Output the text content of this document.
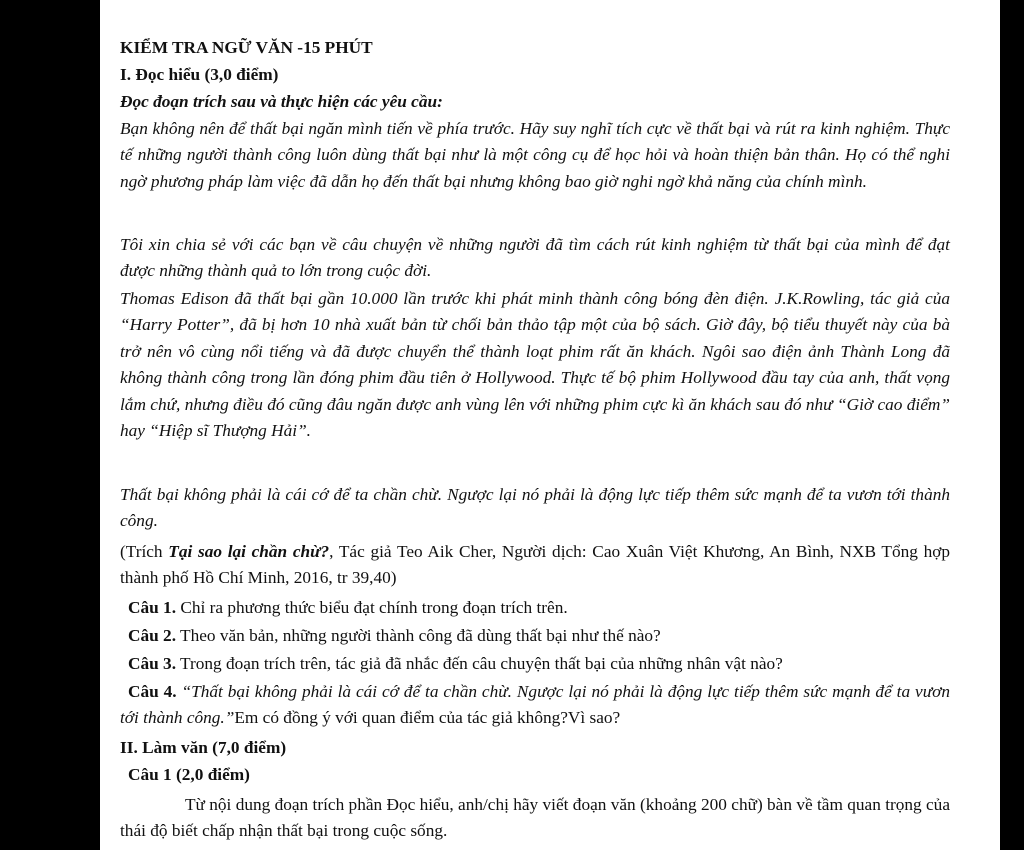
KIỂM TRA NGỮ VĂN -15 PHÚT
I. Đọc hiểu (3,0 điểm)
Đọc đoạn trích sau và thực hiện các yêu cầu:
Bạn không nên để thất bại ngăn mình tiến về phía trước. Hãy suy nghĩ tích cực về thất bại và rút ra kinh nghiệm. Thực tế những người thành công luôn dùng thất bại như là một công cụ để học hỏi và hoàn thiện bản thân. Họ có thể nghi ngờ phương pháp làm việc đã dẫn họ đến thất bại nhưng không bao giờ nghi ngờ khả năng của chính mình.
Tôi xin chia sẻ với các bạn về câu chuyện về những người đã tìm cách rút kinh nghiệm từ thất bại của mình để đạt được những thành quả to lớn trong cuộc đời.
Thomas Edison đã thất bại gần 10.000 lần trước khi phát minh thành công bóng đèn điện. J.K.Rowling, tác giả của “Harry Potter”, đã bị hơn 10 nhà xuất bản từ chối bản thảo tập một của bộ sách. Giờ đây, bộ tiểu thuyết này của bà trở nên vô cùng nổi tiếng và đã được chuyển thể thành loạt phim rất ăn khách. Ngôi sao điện ảnh Thành Long đã không thành công trong lần đóng phim đầu tiên ở Hollywood. Thực tế bộ phim Hollywood đầu tay của anh, thất vọng lắm chứ, nhưng điều đó cũng đâu ngăn được anh vùng lên với những phim cực kì ăn khách sau đó như “Giờ cao điểm” hay “Hiệp sĩ Thượng Hải”.
Thất bại không phải là cái cớ để ta chần chừ. Ngược lại nó phải là động lực tiếp thêm sức mạnh để ta vươn tới thành công.
(Trích Tại sao lại chần chừ?, Tác giả Teo Aik Cher, Người dịch: Cao Xuân Việt Khương, An Bình, NXB Tổng hợp thành phố Hồ Chí Minh, 2016, tr 39,40)
Câu 1. Chỉ ra phương thức biểu đạt chính trong đoạn trích trên.
Câu 2. Theo văn bản, những người thành công đã dùng thất bại như thế nào?
Câu 3. Trong đoạn trích trên, tác giả đã nhắc đến câu chuyện thất bại của những nhân vật nào?
Câu 4. “Thất bại không phải là cái cớ để ta chần chừ. Ngược lại nó phải là động lực tiếp thêm sức mạnh để ta vươn tới thành công.”Em có đồng ý với quan điểm của tác giả không?Vì sao?
II. Làm văn (7,0 điểm)
Câu 1 (2,0 điểm)
Từ nội dung đoạn trích phần Đọc hiểu, anh/chị hãy viết đoạn văn (khoảng 200 chữ) bàn về tầm quan trọng của thái độ biết chấp nhận thất bại trong cuộc sống.
